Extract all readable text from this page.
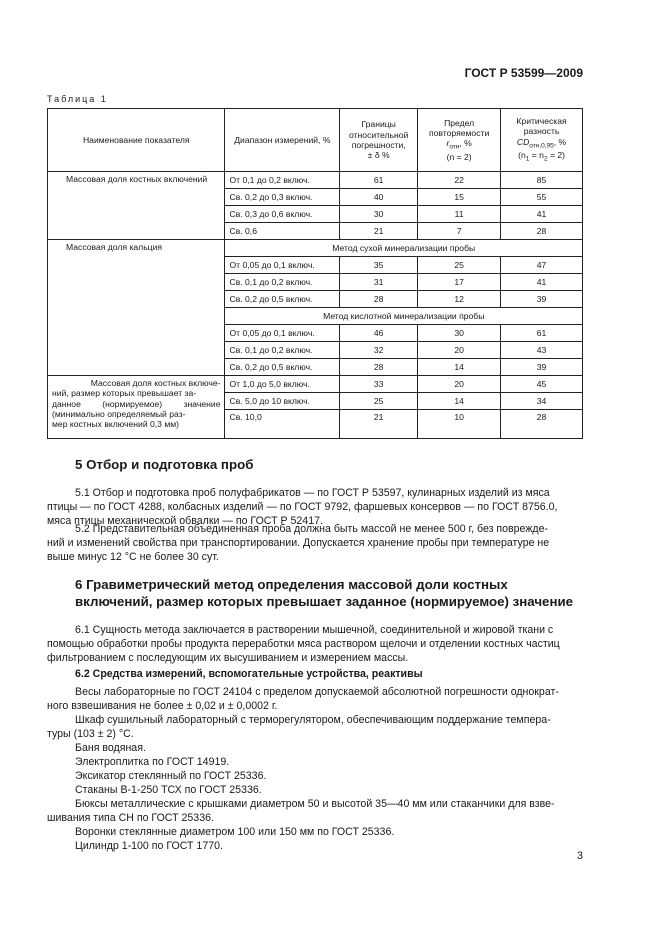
ГОСТ Р 53599—2009
Таблица 1
Наименование показателя	Диапазон измерений, %	Границы
относительной
погрешности,
± δ %	Предел
повторяемости
$r_{отн}$, %
(n = 2)	Критическая
разность
$CD_{отн,0,95}$, %
$(n_1 = n_2 = 2)$
Массовая доля костных включений	От 0,1 до 0,2 включ.	61	22	85
	Св. 0,2 до 0,3 включ.	40	15	55
	Св. 0,3 до 0,6 включ.	30	11	41
	Св. 0,6	21	7	28
Массовая доля кальция	Метод сухой минерализации пробы			
	От 0,05 до 0,1 включ.	35	25	47
	Св. 0,1 до 0,2 включ.	31	17	41
	Св. 0,2 до 0,5 включ.	28	12	39
	Метод кислотной минерализации пробы			
	От 0,05 до 0,1 включ.	46	30	61
	Св. 0,1 до 0,2 включ.	32	20	43
	Св. 0,2 до 0,5 включ.	28	14	39

Массовая доля костных включе-
ний, размер которых превышает за-
данное (нормируемое) значение
(минимально определяемый раз-
мер костных включений 0,3 мм)	От 1,0 до 5,0 включ.	33	20	45
	Св. 5,0 до 10 включ.	25	14	34
	Св. 10,0	21	10	28
5 Отбор и подготовка проб
5.1 Отбор и подготовка проб полуфабрикатов — по ГОСТ Р 53597, кулинарных изделий из мяса
птицы — по ГОСТ 4288, колбасных изделий — по ГОСТ 9792, фаршевых консервов — по ГОСТ 8756.0,
мяса птицы механической обвалки — по ГОСТ Р 52417.
5.2 Представительная объединенная проба должна быть массой не менее 500 г, без поврежде-
ний и изменений свойства при транспортировании. Допускается хранение пробы при температуре не
выше минус 12 °С не более 30 сут.
6 Гравиметрический метод определения массовой доли костных
включений, размер которых превышает заданное (нормируемое) значение
6.1 Сущность метода заключается в растворении мышечной, соединительной и жировой ткани с
помощью обработки пробы продукта переработки мяса раствором щелочи и отделении костных частиц
фильтрованием с последующим их высушиванием и измерением массы.
6.2 Средства измерений, вспомогательные устройства, реактивы
Весы лабораторные по ГОСТ 24104 с пределом допускаемой абсолютной погрешности однократ-
ного взвешивания не более ± 0,02 и ± 0,0002 г.
Шкаф сушильный лабораторный с терморегулятором, обеспечивающим поддержание темпера-
туры (103 ± 2) °С.
Баня водяная.
Электроплитка по ГОСТ 14919.
Эксикатор стеклянный по ГОСТ 25336.
Стаканы В-1-250 ТСХ по ГОСТ 25336.
Бюксы металлические с крышками диаметром 50 и высотой 35—40 мм или стаканчики для взве-
шивания типа СН по ГОСТ 25336.
Воронки стеклянные диаметром 100 или 150 мм по ГОСТ 25336.
Цилиндр 1-100 по ГОСТ 1770.
3
